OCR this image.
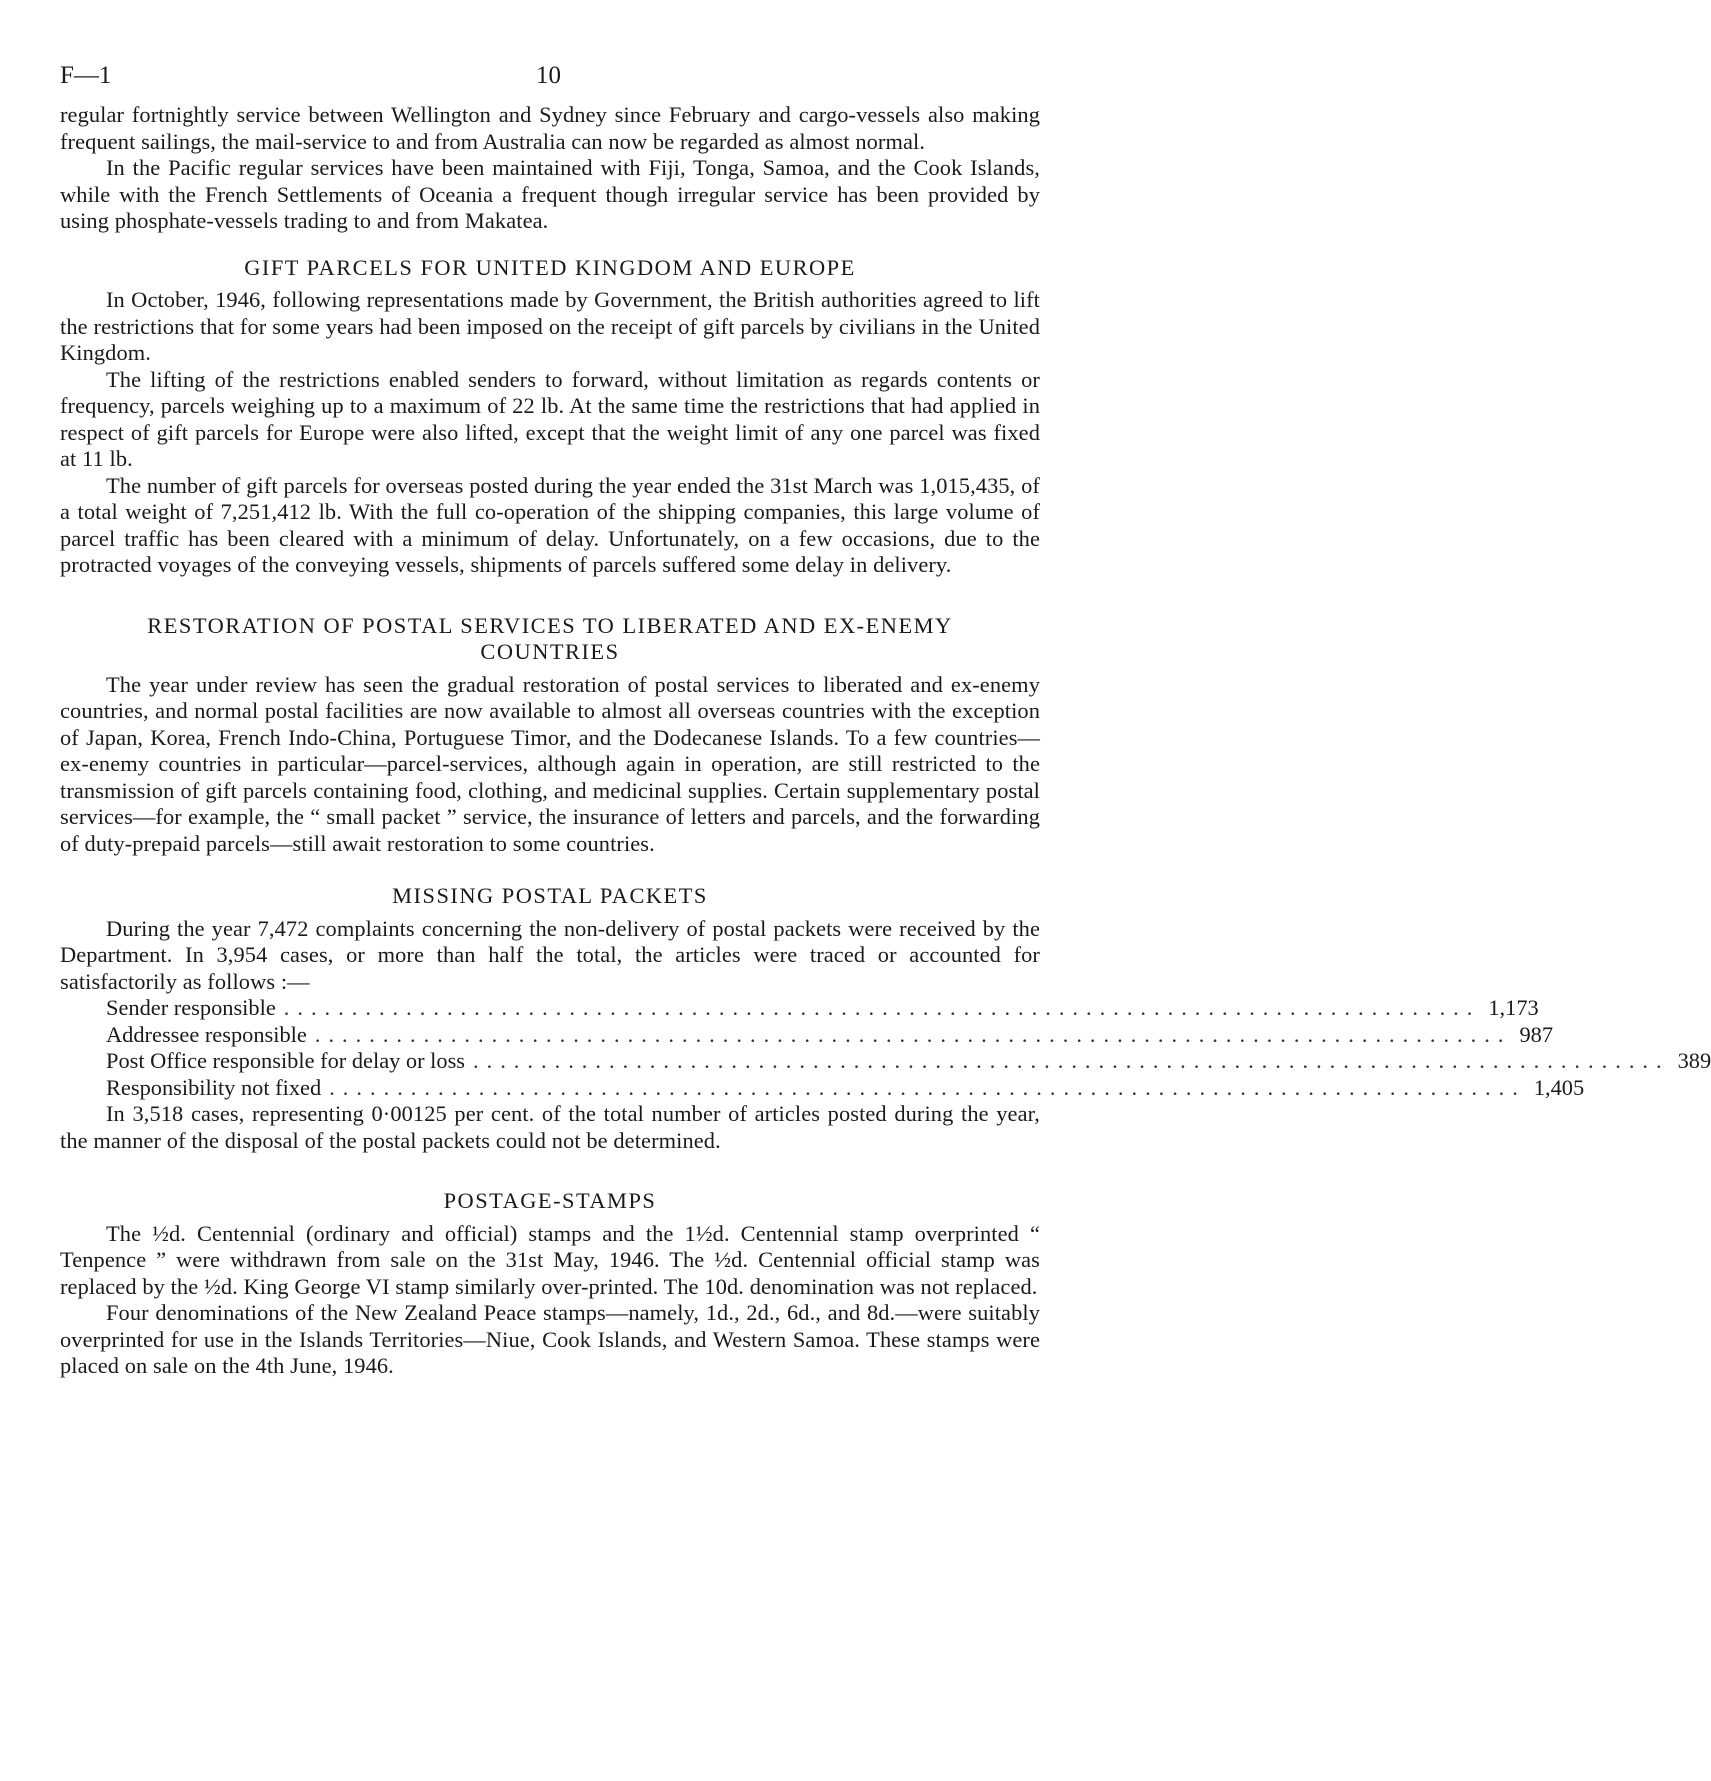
F—1	10

regular fortnightly service between Wellington and Sydney since February and cargo-vessels also making frequent sailings, the mail-service to and from Australia can now be regarded as almost normal.

In the Pacific regular services have been maintained with Fiji, Tonga, Samoa, and the Cook Islands, while with the French Settlements of Oceania a frequent though irregular service has been provided by using phosphate-vessels trading to and from Makatea.

GIFT PARCELS FOR UNITED KINGDOM AND EUROPE

In October, 1946, following representations made by Government, the British authorities agreed to lift the restrictions that for some years had been imposed on the receipt of gift parcels by civilians in the United Kingdom.

The lifting of the restrictions enabled senders to forward, without limitation as regards contents or frequency, parcels weighing up to a maximum of 22 lb. At the same time the restrictions that had applied in respect of gift parcels for Europe were also lifted, except that the weight limit of any one parcel was fixed at 11 lb.

The number of gift parcels for overseas posted during the year ended the 31st March was 1,015,435, of a total weight of 7,251,412 lb. With the full co-operation of the shipping companies, this large volume of parcel traffic has been cleared with a minimum of delay. Unfortunately, on a few occasions, due to the protracted voyages of the conveying vessels, shipments of parcels suffered some delay in delivery.

RESTORATION OF POSTAL SERVICES TO LIBERATED AND EX-ENEMY
COUNTRIES

The year under review has seen the gradual restoration of postal services to liberated and ex-enemy countries, and normal postal facilities are now available to almost all overseas countries with the exception of Japan, Korea, French Indo-China, Portuguese Timor, and the Dodecanese Islands. To a few countries—ex-enemy countries in particular—parcel-services, although again in operation, are still restricted to the transmission of gift parcels containing food, clothing, and medicinal supplies. Certain supplementary postal services—for example, the “ small packet ” service, the insurance of letters and parcels, and the forwarding of duty-prepaid parcels—still await restoration to some countries.

MISSING POSTAL PACKETS

During the year 7,472 complaints concerning the non-delivery of postal packets were received by the Department. In 3,954 cases, or more than half the total, the articles were traced or accounted for satisfactorily as follows :—

Sender responsible ........................................................................................ 1,173
Addressee responsible ........................................................................................ 987
Post Office responsible for delay or loss ........................................................................................ 389
Responsibility not fixed ........................................................................................ 1,405

In 3,518 cases, representing 0·00125 per cent. of the total number of articles posted during the year, the manner of the disposal of the postal packets could not be determined.

POSTAGE-STAMPS

The ½d. Centennial (ordinary and official) stamps and the 1½d. Centennial stamp overprinted “ Tenpence ” were withdrawn from sale on the 31st May, 1946. The ½d. Centennial official stamp was replaced by the ½d. King George VI stamp similarly over-printed. The 10d. denomination was not replaced.

Four denominations of the New Zealand Peace stamps—namely, 1d., 2d., 6d., and 8d.—were suitably overprinted for use in the Islands Territories—Niue, Cook Islands, and Western Samoa. These stamps were placed on sale on the 4th June, 1946.
